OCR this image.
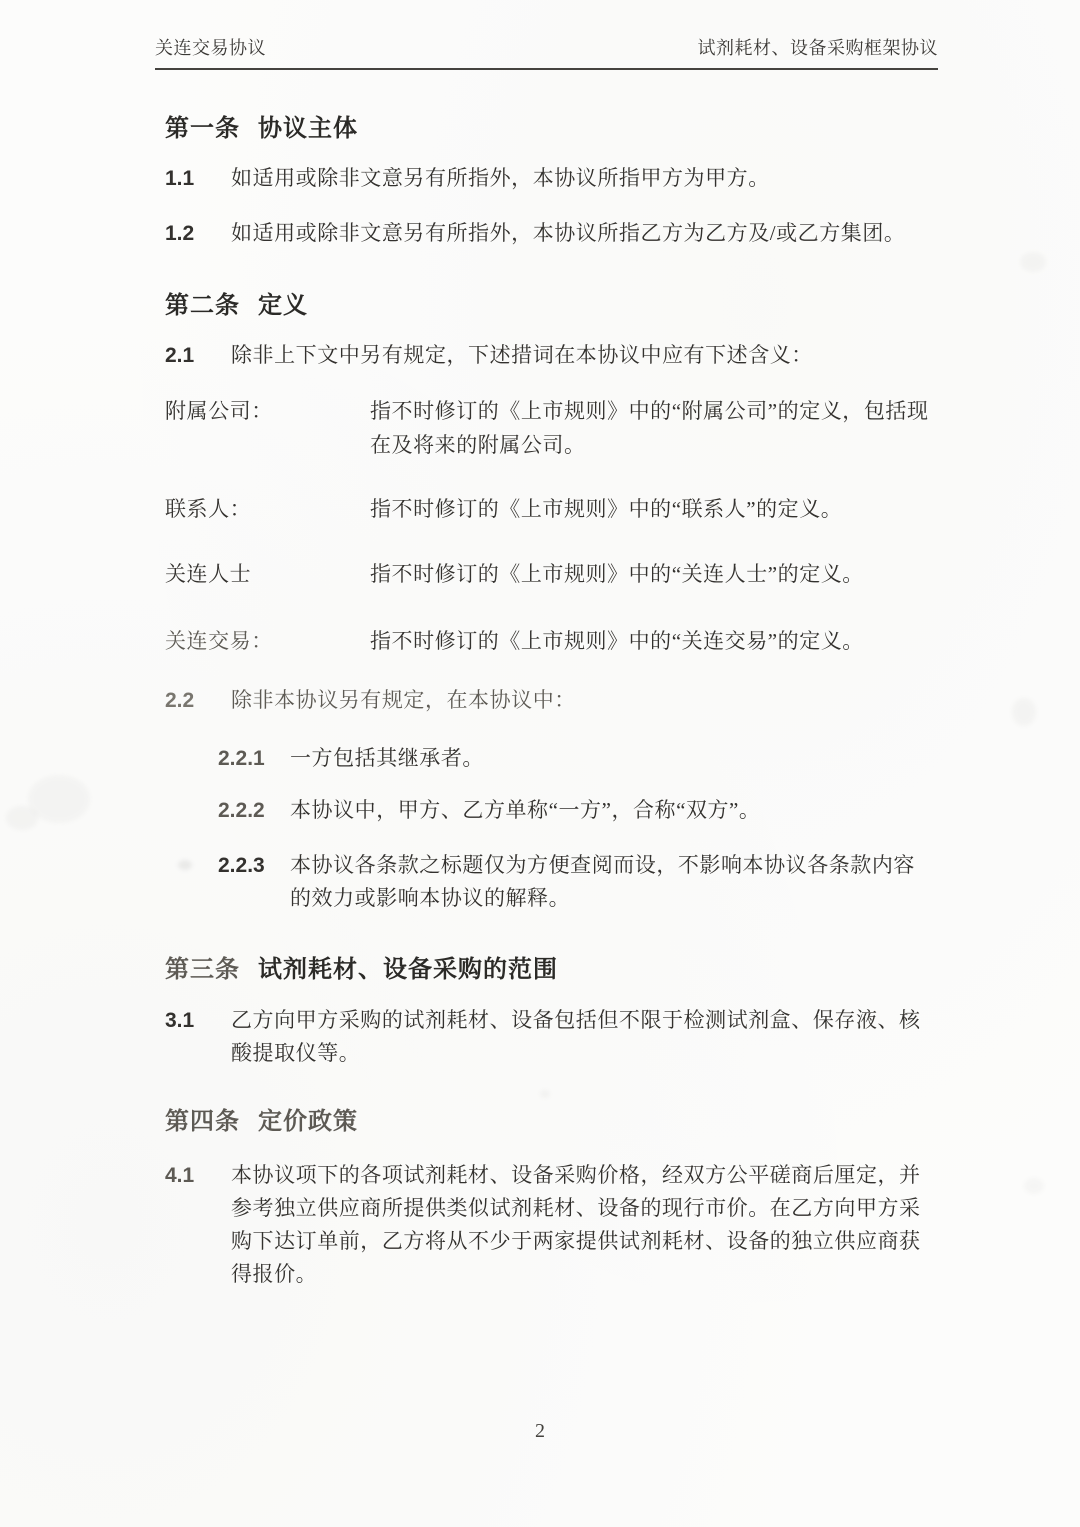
关连交易协议	试剂耗材、设备采购框架协议
第一条 协议主体
1.1	如适用或除非文意另有所指外，本协议所指甲方为甲方。
1.2	如适用或除非文意另有所指外，本协议所指乙方为乙方及/或乙方集团。
第二条 定义
2.1	除非上下文中另有规定，下述措词在本协议中应有下述含义：
附属公司：	指不时修订的《上市规则》中的“附属公司”的定义，包括现在及将来的附属公司。
联系人：	指不时修订的《上市规则》中的“联系人”的定义。
关连人士	指不时修订的《上市规则》中的“关连人士”的定义。
关连交易：	指不时修订的《上市规则》中的“关连交易”的定义。
2.2	除非本协议另有规定，在本协议中：
2.2.1	一方包括其继承者。
2.2.2	本协议中，甲方、乙方单称“一方”，合称“双方”。
2.2.3	本协议各条款之标题仅为方便查阅而设，不影响本协议各条款内容的效力或影响本协议的解释。
第三条 试剂耗材、设备采购的范围
3.1	乙方向甲方采购的试剂耗材、设备包括但不限于检测试剂盒、保存液、核酸提取仪等。
第四条 定价政策
4.1	本协议项下的各项试剂耗材、设备采购价格，经双方公平磋商后厘定，并参考独立供应商所提供类似试剂耗材、设备的现行市价。在乙方向甲方采购下达订单前，乙方将从不少于两家提供试剂耗材、设备的独立供应商获得报价。
2
